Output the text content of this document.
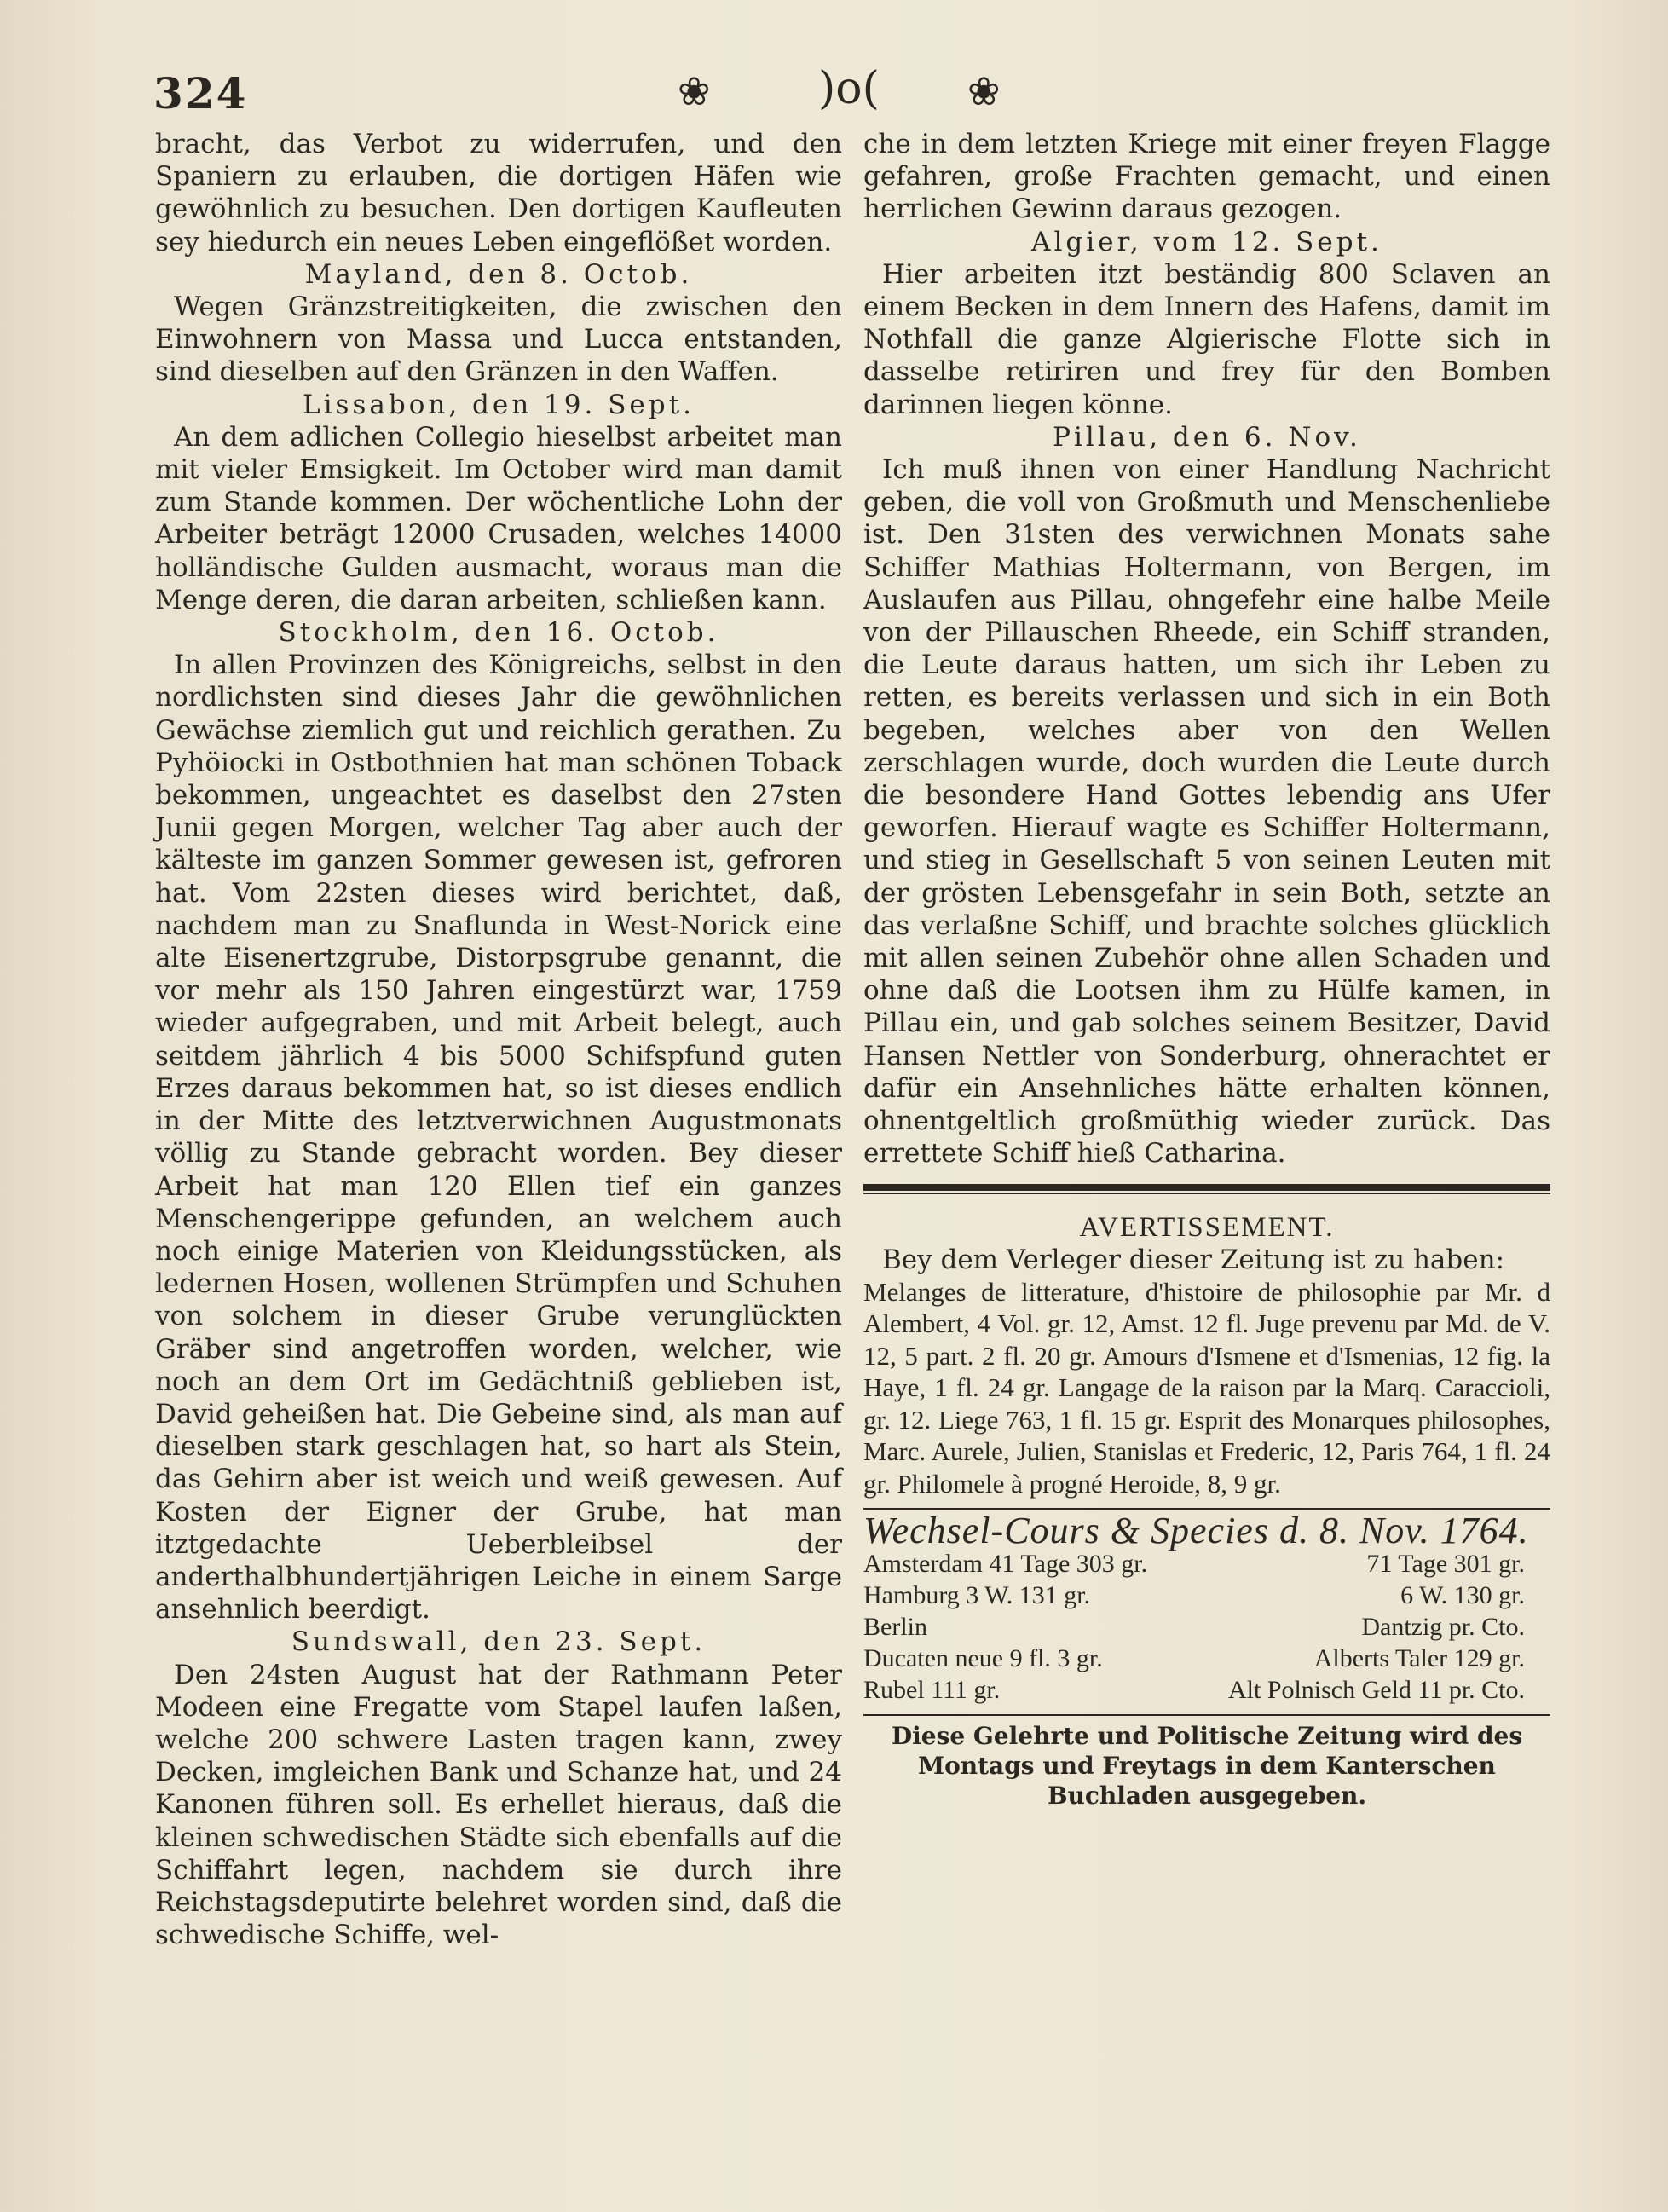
324	❀ )o( ❀

bracht, das Verbot zu widerrufen, und den Spaniern zu erlauben, die dortigen Häfen wie gewöhnlich zu besuchen. Den dortigen Kaufleuten sey hiedurch ein neues Leben eingeflößet worden.

Mayland, den 8. Octob.

Wegen Gränzstreitigkeiten, die zwischen den Einwohnern von Massa und Lucca entstanden, sind dieselben auf den Gränzen in den Waffen.

Lissabon, den 19. Sept.

An dem adlichen Collegio hieselbst arbeitet man mit vieler Emsigkeit. Im October wird man damit zum Stande kommen. Der wöchentliche Lohn der Arbeiter beträgt 12000 Crusaden, welches 14000 holländische Gulden ausmacht, woraus man die Menge deren, die daran arbeiten, schließen kann.

Stockholm, den 16. Octob.

In allen Provinzen des Königreichs, selbst in den nordlichsten sind dieses Jahr die gewöhnlichen Gewächse ziemlich gut und reichlich gerathen. Zu Pyhöiocki in Ostbothnien hat man schönen Toback bekommen, ungeachtet es daselbst den 27sten Junii gegen Morgen, welcher Tag aber auch der kälteste im ganzen Sommer gewesen ist, gefroren hat. Vom 22sten dieses wird berichtet, daß, nachdem man zu Snaflunda in West-Norick eine alte Eisenertzgrube, Distorpsgrube genannt, die vor mehr als 150 Jahren eingestürzt war, 1759 wieder aufgegraben, und mit Arbeit belegt, auch seitdem jährlich 4 bis 5000 Schifspfund guten Erzes daraus bekommen hat, so ist dieses endlich in der Mitte des letztverwichnen Augustmonats völlig zu Stande gebracht worden. Bey dieser Arbeit hat man 120 Ellen tief ein ganzes Menschengerippe gefunden, an welchem auch noch einige Materien von Kleidungsstücken, als ledernen Hosen, wollenen Strümpfen und Schuhen von solchem in dieser Grube verunglückten Gräber sind angetroffen worden, welcher, wie noch an dem Ort im Gedächtniß geblieben ist, David geheißen hat. Die Gebeine sind, als man auf dieselben stark geschlagen hat, so hart als Stein, das Gehirn aber ist weich und weiß gewesen. Auf Kosten der Eigner der Grube, hat man itztgedachte Ueberbleibsel der anderthalbhundertjährigen Leiche in einem Sarge ansehnlich beerdigt.

Sundswall, den 23. Sept.

Den 24sten August hat der Rathmann Peter Modeen eine Fregatte vom Stapel laufen laßen, welche 200 schwere Lasten tragen kann, zwey Decken, imgleichen Bank und Schanze hat, und 24 Kanonen führen soll. Es erhellet hieraus, daß die kleinen schwedischen Städte sich ebenfalls auf die Schiffahrt legen, nachdem sie durch ihre Reichstagsdeputirte belehret worden sind, daß die schwedische Schiffe, wel-

che in dem letzten Kriege mit einer freyen Flagge gefahren, große Frachten gemacht, und einen herrlichen Gewinn daraus gezogen.

Algier, vom 12. Sept.

Hier arbeiten itzt beständig 800 Sclaven an einem Becken in dem Innern des Hafens, damit im Nothfall die ganze Algierische Flotte sich in dasselbe retiriren und frey für den Bomben darinnen liegen könne.

Pillau, den 6. Nov.

Ich muß ihnen von einer Handlung Nachricht geben, die voll von Großmuth und Menschenliebe ist. Den 31sten des verwichnen Monats sahe Schiffer Mathias Holtermann, von Bergen, im Auslaufen aus Pillau, ohngefehr eine halbe Meile von der Pillauschen Rheede, ein Schiff stranden, die Leute daraus hatten, um sich ihr Leben zu retten, es bereits verlassen und sich in ein Both begeben, welches aber von den Wellen zerschlagen wurde, doch wurden die Leute durch die besondere Hand Gottes lebendig ans Ufer geworfen. Hierauf wagte es Schiffer Holtermann, und stieg in Gesellschaft 5 von seinen Leuten mit der grösten Lebensgefahr in sein Both, setzte an das verlaßne Schiff, und brachte solches glücklich mit allen seinen Zubehör ohne allen Schaden und ohne daß die Lootsen ihm zu Hülfe kamen, in Pillau ein, und gab solches seinem Besitzer, David Hansen Nettler von Sonderburg, ohnerachtet er dafür ein Ansehnliches hätte erhalten können, ohnentgeltlich großmüthig wieder zurück. Das errettete Schiff hieß Catharina.

AVERTISSEMENT.

Bey dem Verleger dieser Zeitung ist zu haben:

Melanges de litterature, d'histoire de philosophie par Mr. d Alembert, 4 Vol. gr. 12, Amst. 12 fl. Juge prevenu par Md. de V. 12, 5 part. 2 fl. 20 gr. Amours d'Ismene et d'Ismenias, 12 fig. la Haye, 1 fl. 24 gr. Langage de la raison par la Marq. Caraccioli, gr. 12. Liege 763, 1 fl. 15 gr. Esprit des Monarques philosophes, Marc. Aurele, Julien, Stanislas et Frederic, 12, Paris 764, 1 fl. 24 gr. Philomele à progné Heroide, 8, 9 gr.

Wechsel-Cours & Species d. 8. Nov. 1764.

Amsterdam 41 Tage 303 gr.	71 Tage 301 gr.
Hamburg 3 W. 131 gr.	6 W. 130 gr.
Berlin	Dantzig pr. Cto.
Ducaten neue 9 fl. 3 gr.	Alberts Taler 129 gr.
Rubel 111 gr.	Alt Polnisch Geld 11 pr. Cto.

Diese Gelehrte und Politische Zeitung wird des Montags und Freytags in dem Kanterschen Buchladen ausgegeben.
